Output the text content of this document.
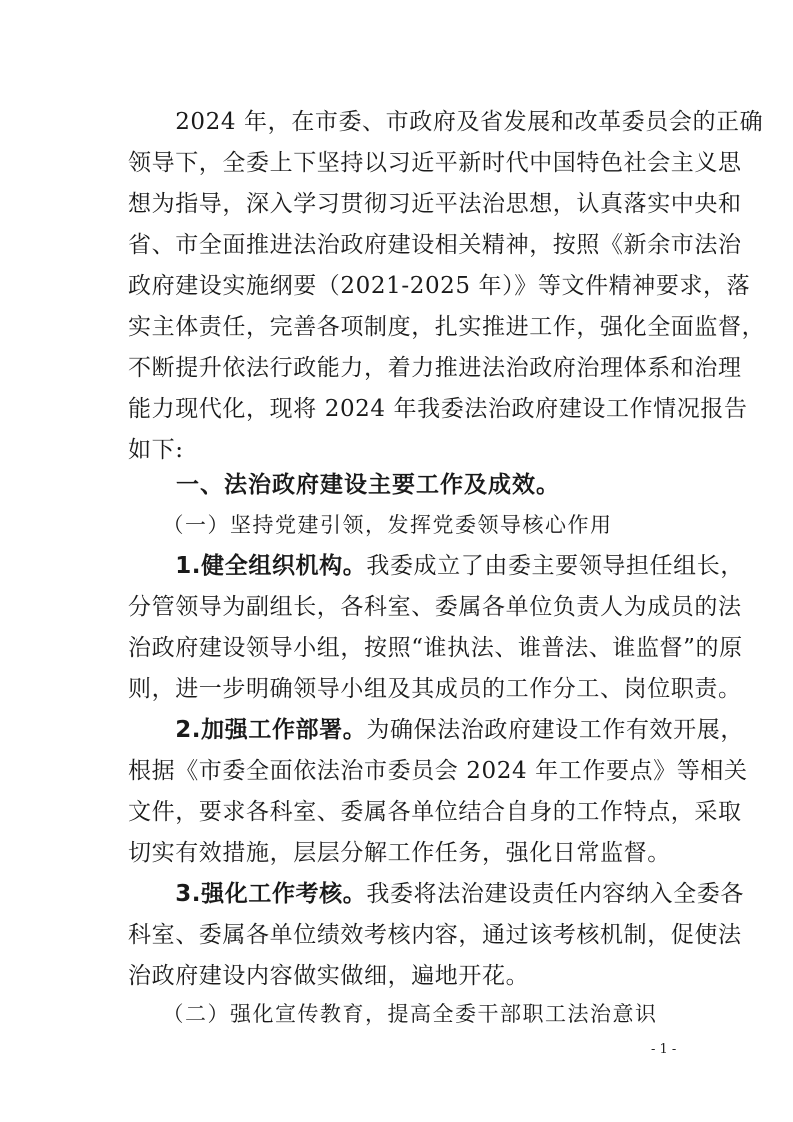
　　2024 年，在市委、市政府及省发展和改革委员会的正确
领导下，全委上下坚持以习近平新时代中国特色社会主义思
想为指导，深入学习贯彻习近平法治思想，认真落实中央和
省、市全面推进法治政府建设相关精神，按照《新余市法治
政府建设实施纲要（2021-2025 年）》等文件精神要求，落
实主体责任，完善各项制度，扎实推进工作，强化全面监督，
不断提升依法行政能力，着力推进法治政府治理体系和治理
能力现代化，现将 2024 年我委法治政府建设工作情况报告
如下:
　　一、法治政府建设主要工作及成效。
　　（一）坚持党建引领，发挥党委领导核心作用
　　1.健全组织机构。我委成立了由委主要领导担任组长，
分管领导为副组长，各科室、委属各单位负责人为成员的法
治政府建设领导小组，按照“谁执法、谁普法、谁监督”的原
则，进一步明确领导小组及其成员的工作分工、岗位职责。
　　2.加强工作部署。为确保法治政府建设工作有效开展，
根据《市委全面依法治市委员会 2024 年工作要点》等相关
文件，要求各科室、委属各单位结合自身的工作特点，采取
切实有效措施，层层分解工作任务，强化日常监督。
　　3.强化工作考核。我委将法治建设责任内容纳入全委各
科室、委属各单位绩效考核内容，通过该考核机制，促使法
治政府建设内容做实做细，遍地开花。
　　（二）强化宣传教育，提高全委干部职工法治意识
- 1 -
